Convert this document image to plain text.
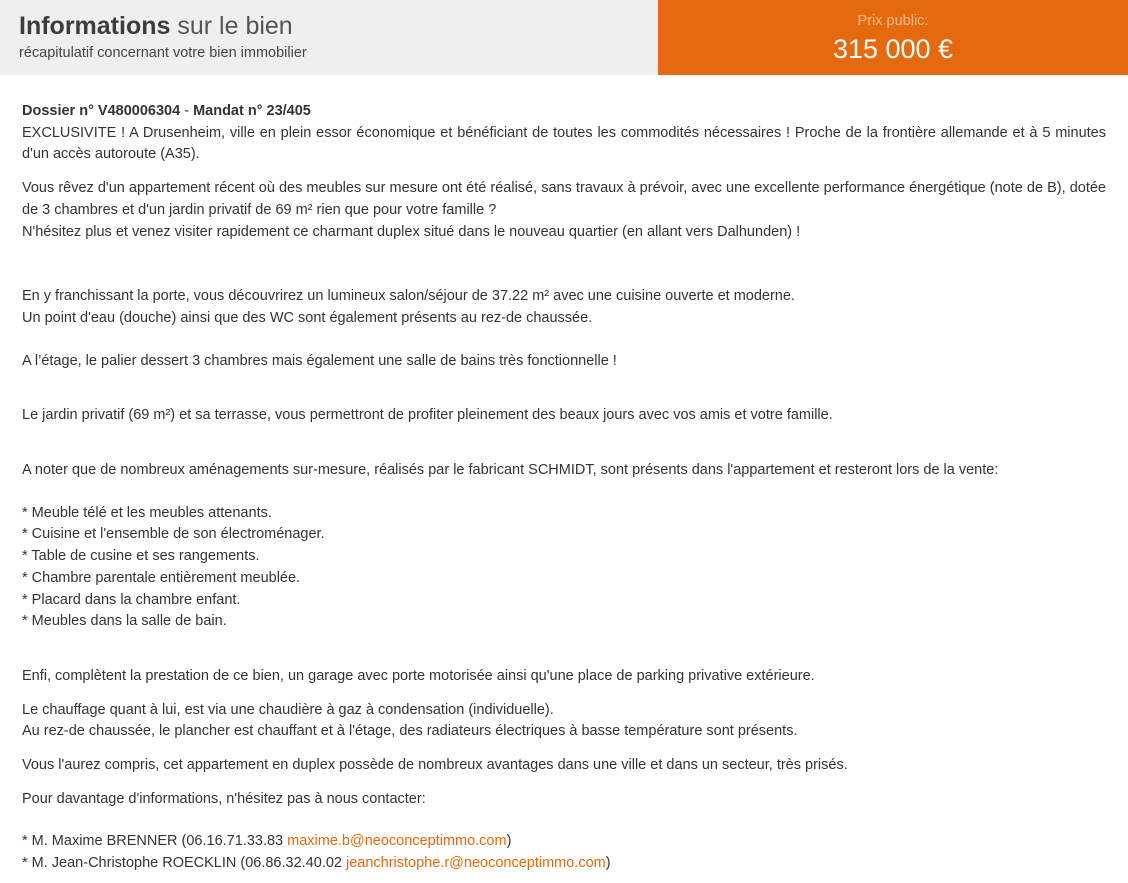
Informations sur le bien
récapitulatif concernant votre bien immobilier
Prix public:
315 000 €
Dossier n° V480006304 - Mandat n° 23/405

EXCLUSIVITE ! A Drusenheim, ville en plein essor économique et bénéficiant de toutes les commodités nécessaires ! Proche de la frontière allemande et à 5 minutes d'un accès autoroute (A35).

Vous rêvez d'un appartement récent où des meubles sur mesure ont été réalisé, sans travaux à prévoir, avec une excellente performance énergétique (note de B), dotée de 3 chambres et d'un jardin privatif de 69 m² rien que pour votre famille ?

N'hésitez plus et venez visiter rapidement ce charmant duplex situé dans le nouveau quartier (en allant vers Dalhunden) !

En y franchissant la porte, vous découvrirez un lumineux salon/séjour de 37.22 m² avec une cuisine ouverte et moderne.

Un point d'eau (douche) ainsi que des WC sont également présents au rez-de chaussée.

A l’étage, le palier dessert 3 chambres mais également une salle de bains très fonctionnelle !

Le jardin privatif (69 m²) et sa terrasse, vous permettront de profiter pleinement des beaux jours avec vos amis et votre famille.

A noter que de nombreux aménagements sur-mesure, réalisés par le fabricant SCHMIDT, sont présents dans l'appartement et resteront lors de la vente:

* Meuble télé et les meubles attenants.
* Cuisine et l'ensemble de son électroménager.
* Table de cusine et ses rangements.
* Chambre parentale entièrement meublée.
* Placard dans la chambre enfant.
* Meubles dans la salle de bain.

Enfi, complètent la prestation de ce bien, un garage avec porte motorisée ainsi qu'une place de parking privative extérieure.

Le chauffage quant à lui, est via une chaudière à gaz à condensation (individuelle).

Au rez-de chaussée, le plancher est chauffant et à l'étage, des radiateurs électriques à basse température sont présents.

Vous l'aurez compris, cet appartement en duplex possède de nombreux avantages dans une ville et dans un secteur, très prisés.

Pour davantage d'informations, n'hésitez pas à nous contacter:

* M. Maxime BRENNER (06.16.71.33.83 maxime.b@neoconceptimmo.com)
* M. Jean-Christophe ROECKLIN (06.86.32.40.02 jeanchristophe.r@neoconceptimmo.com)
